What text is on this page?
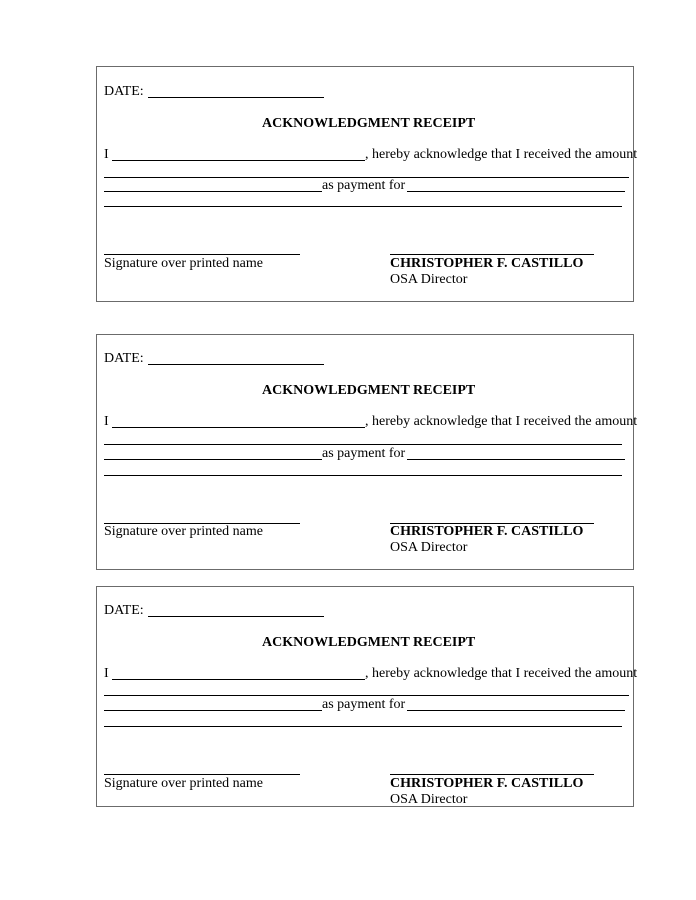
DATE:
ACKNOWLEDGMENT RECEIPT
I	, hereby acknowledge that I received the amount
as payment for
Signature over printed name	CHRISTOPHER F. CASTILLO
OSA Director
DATE:
ACKNOWLEDGMENT RECEIPT
I	, hereby acknowledge that I received the amount
as payment for
Signature over printed name	CHRISTOPHER F. CASTILLO
OSA Director
DATE:
ACKNOWLEDGMENT RECEIPT
I	, hereby acknowledge that I received the amount
as payment for
Signature over printed name	CHRISTOPHER F. CASTILLO
OSA Director
